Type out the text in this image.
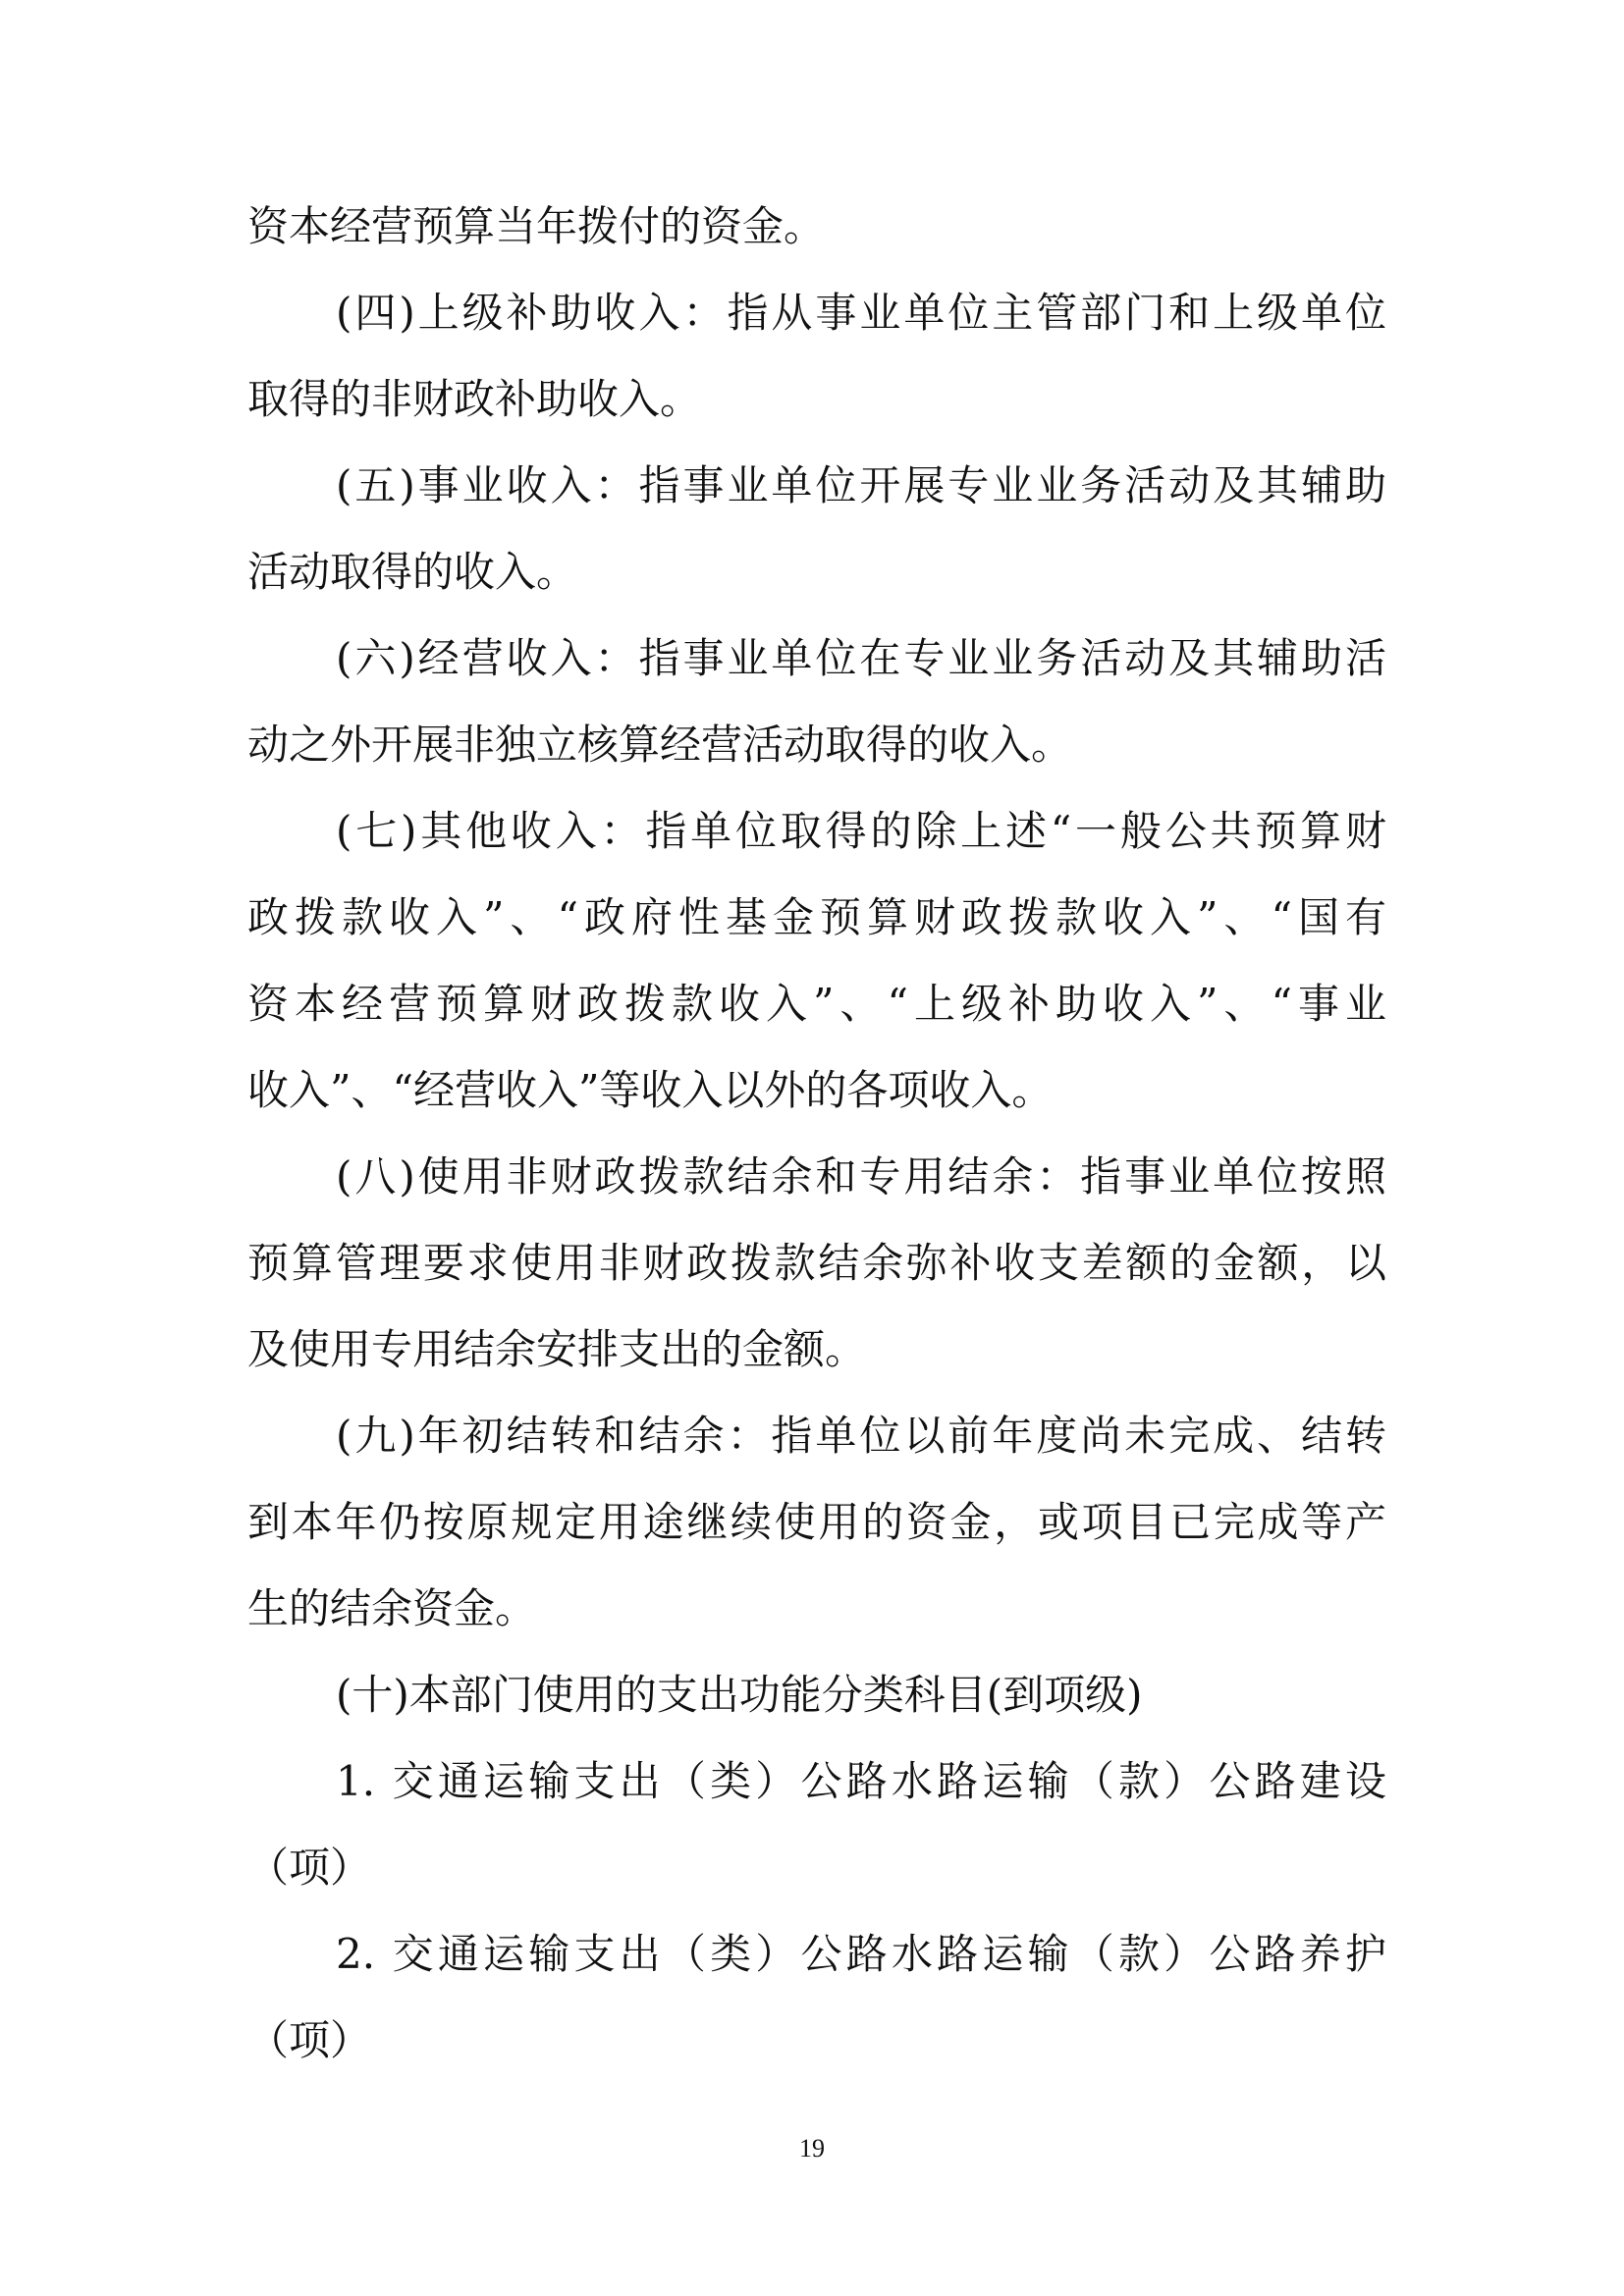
资本经营预算当年拨付的资金。
(四)上级补助收入：指从事业单位主管部门和上级单位
取得的非财政补助收入。
(五)事业收入：指事业单位开展专业业务活动及其辅助
活动取得的收入。
(六)经营收入：指事业单位在专业业务活动及其辅助活
动之外开展非独立核算经营活动取得的收入。
(七)其他收入：指单位取得的除上述“一般公共预算财
政拨款收入”、“政府性基金预算财政拨款收入”、“国有
资本经营预算财政拨款收入”、“上级补助收入”、“事业
收入”、“经营收入”等收入以外的各项收入。
(八)使用非财政拨款结余和专用结余：指事业单位按照
预算管理要求使用非财政拨款结余弥补收支差额的金额，以
及使用专用结余安排支出的金额。
(九)年初结转和结余：指单位以前年度尚未完成、结转
到本年仍按原规定用途继续使用的资金，或项目已完成等产
生的结余资金。
(十)本部门使用的支出功能分类科目(到项级)
1. 交通运输支出（类）公路水路运输（款）公路建设
（项）
2. 交通运输支出（类）公路水路运输（款）公路养护
（项）
19
